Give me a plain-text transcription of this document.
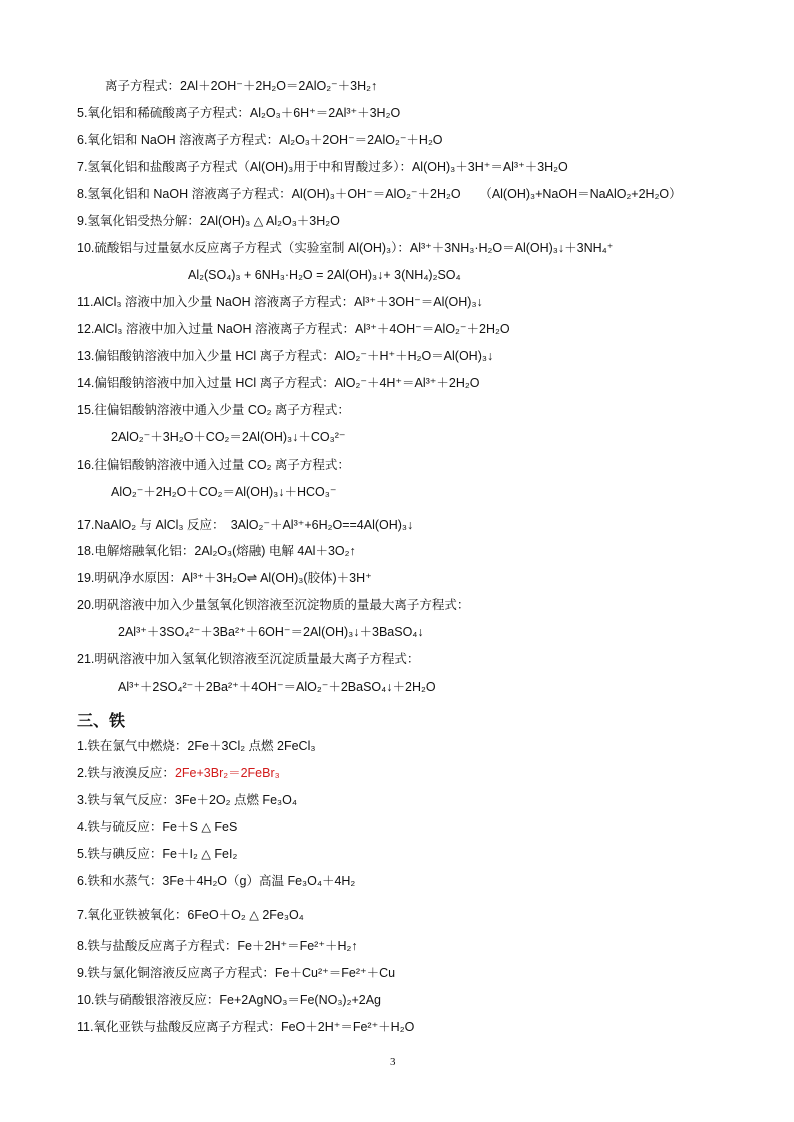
离子方程式：2Al＋2OH⁻＋2H₂O＝2AlO₂⁻＋3H₂↑
5.氧化铝和稀硫酸离子方程式：Al₂O₃＋6H⁺＝2Al³⁺＋3H₂O
6.氧化铝和 NaOH 溶液离子方程式：Al₂O₃＋2OH⁻＝2AlO₂⁻＋H₂O
7.氢氧化铝和盐酸离子方程式（Al(OH)₃用于中和胃酸过多）：Al(OH)₃＋3H⁺＝Al³⁺＋3H₂O
8.氢氧化铝和 NaOH 溶液离子方程式：Al(OH)₃＋OH⁻＝AlO₂⁻＋2H₂O　　（Al(OH)₃+NaOH＝NaAlO₂+2H₂O）
9.氢氧化铝受热分解：2Al(OH)₃ △ Al₂O₃＋3H₂O
10.硫酸铝与过量氨水反应离子方程式（实验室制 Al(OH)₃）：Al³⁺＋3NH₃·H₂O＝Al(OH)₃↓＋3NH₄⁺
Al₂(SO₄)₃ + 6NH₃·H₂O = 2Al(OH)₃↓+ 3(NH₄)₂SO₄
11.AlCl₃ 溶液中加入少量 NaOH 溶液离子方程式：Al³⁺＋3OH⁻＝Al(OH)₃↓
12.AlCl₃ 溶液中加入过量 NaOH 溶液离子方程式：Al³⁺＋4OH⁻＝AlO₂⁻＋2H₂O
13.偏铝酸钠溶液中加入少量 HCl 离子方程式：AlO₂⁻＋H⁺＋H₂O＝Al(OH)₃↓
14.偏铝酸钠溶液中加入过量 HCl 离子方程式：AlO₂⁻＋4H⁺＝Al³⁺＋2H₂O
15.往偏铝酸钠溶液中通入少量 CO₂ 离子方程式：
2AlO₂⁻＋3H₂O＋CO₂＝2Al(OH)₃↓＋CO₃²⁻
16.往偏铝酸钠溶液中通入过量 CO₂ 离子方程式：
AlO₂⁻＋2H₂O＋CO₂＝Al(OH)₃↓＋HCO₃⁻
17.NaAlO₂ 与 AlCl₃ 反应：　3AlO₂⁻＋Al³⁺+6H₂O==4Al(OH)₃↓
18.电解熔融氧化铝：2Al₂O₃(熔融) 电解 4Al＋3O₂↑
19.明矾净水原因：Al³⁺＋3H₂O⇌ Al(OH)₃(胶体)＋3H⁺
20.明矾溶液中加入少量氢氧化钡溶液至沉淀物质的量最大离子方程式：
2Al³⁺＋3SO₄²⁻＋3Ba²⁺＋6OH⁻＝2Al(OH)₃↓＋3BaSO₄↓
21.明矾溶液中加入氢氧化钡溶液至沉淀质量最大离子方程式：
Al³⁺＋2SO₄²⁻＋2Ba²⁺＋4OH⁻＝AlO₂⁻＋2BaSO₄↓＋2H₂O
1.铁在氯气中燃烧：2Fe＋3Cl₂ 点燃 2FeCl₃
2.铁与液溴反应：2Fe+3Br₂＝2FeBr₃
3.铁与氧气反应：3Fe＋2O₂ 点燃 Fe₃O₄
4.铁与硫反应：Fe＋S △ FeS
5.铁与碘反应：Fe＋I₂ △ FeI₂
6.铁和水蒸气：3Fe＋4H₂O（g）高温 Fe₃O₄＋4H₂
7.氧化亚铁被氧化：6FeO＋O₂ △ 2Fe₃O₄
8.铁与盐酸反应离子方程式：Fe＋2H⁺＝Fe²⁺＋H₂↑
9.铁与氯化铜溶液反应离子方程式：Fe＋Cu²⁺＝Fe²⁺＋Cu
10.铁与硝酸银溶液反应：Fe+2AgNO₃＝Fe(NO₃)₂+2Ag
11.氧化亚铁与盐酸反应离子方程式：FeO＋2H⁺＝Fe²⁺＋H₂O
三、铁
3
